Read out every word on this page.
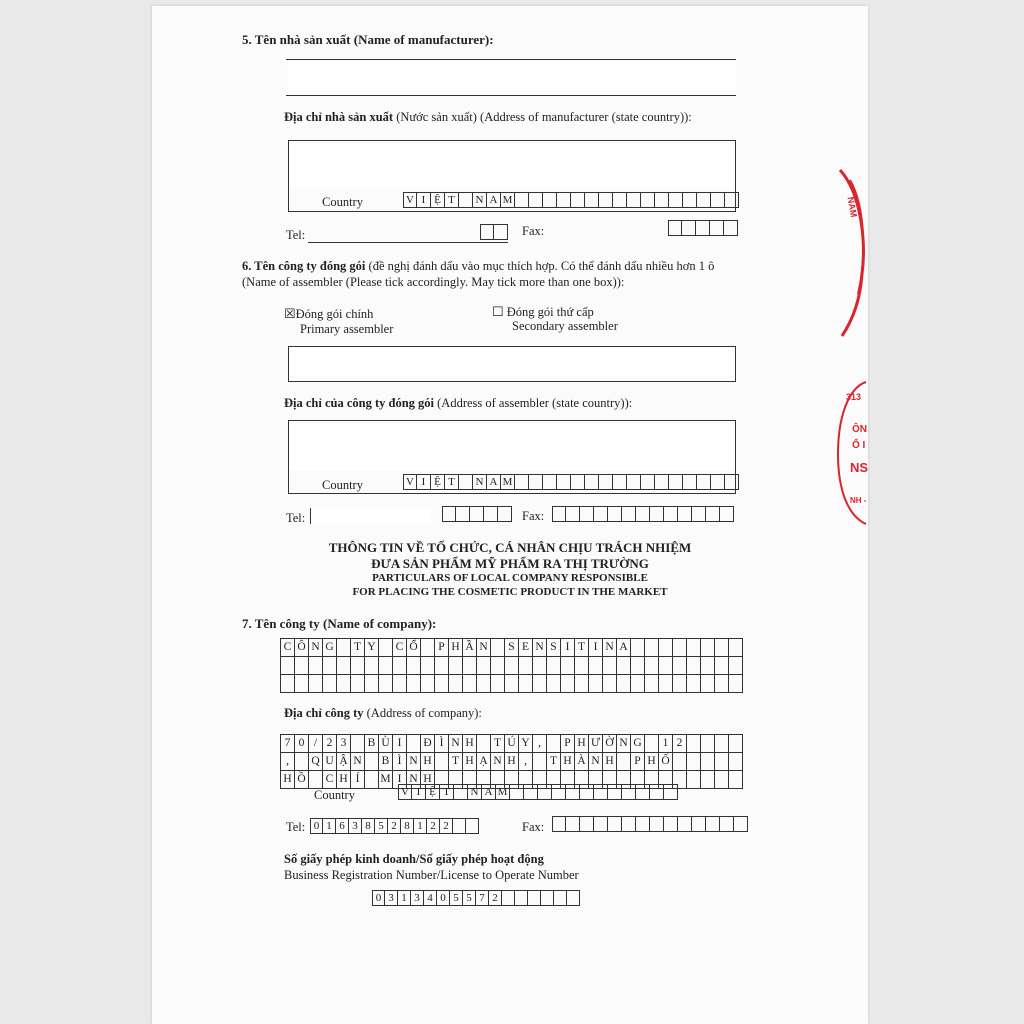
5. Tên nhà sản xuất (Name of manufacturer):
Địa chỉ nhà sản xuất (Nước sản xuất) (Address of manufacturer (state country)):
Country	V I Ệ T	N A M
Tel:	Fax:
6. Tên công ty đóng gói (đề nghị đánh dấu vào mục thích hợp. Có thể đánh dấu nhiều hơn 1 ô
(Name of assembler (Please tick accordingly. May tick more than one box)):
☒Đóng gói chính
Primary assembler
☐ Đóng gói thứ cấp
Secondary assembler
Địa chỉ của công ty đóng gói (Address of assembler (state country)):
Country	V I Ệ T	N A M
Tel:	Fax:
THÔNG TIN VỀ TỔ CHỨC, CÁ NHÂN CHỊU TRÁCH NHIỆM
ĐƯA SẢN PHẨM MỸ PHẨM RA THỊ TRƯỜNG
PARTICULARS OF LOCAL COMPANY RESPONSIBLE
FOR PLACING THE COSMETIC PRODUCT IN THE MARKET
7. Tên công ty (Name of company):
C Ô N G T Y C Ổ P H Ầ N S E N S I T I N A
Địa chỉ công ty (Address of company):
7 0 / 2 3	B Ù I	Đ Ì N H T Ú Y ,	P H Ư Ờ N G	1 2
,	Q U Ậ N B Ì N H T H Ạ N H ,	T H À N H P H Ố
H Ồ C H Í	M I N H
Country	V I Ệ T	N A M
Tel: 0 1 6 3 8 5 2 8 1 2 2	Fax:
Số giấy phép kinh doanh/Số giấy phép hoạt động
Business Registration Number/License to Operate Number
0 3 1 3 4 0 5 5 7 2
NAM
313
ÔN
Ổ I
NS
NH -
